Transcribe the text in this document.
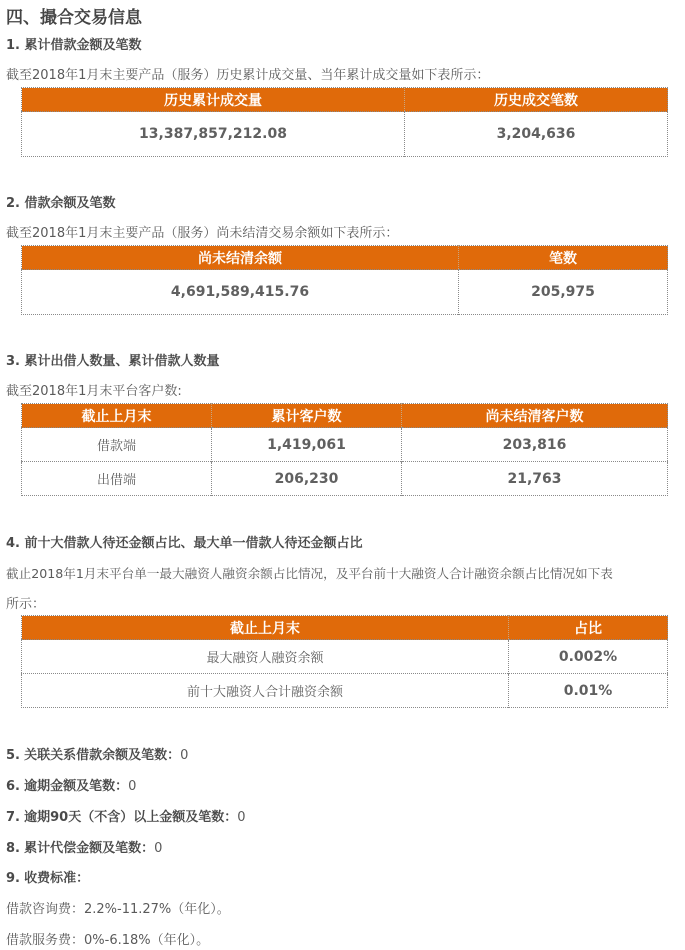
四、撮合交易信息
1. 累计借款金额及笔数
截至2018年1月末主要产品（服务）历史累计成交量、当年累计成交量如下表所示：
历史累计成交量	历史成交笔数
13,387,857,212.08	3,204,636
2. 借款余额及笔数
截至2018年1月末主要产品（服务）尚未结清交易余额如下表所示：
尚未结清余额	笔数
4,691,589,415.76	205,975
3. 累计出借人数量、累计借款人数量
截至2018年1月末平台客户数:
截止上月末	累计客户数	尚未结清客户数
借款端	1,419,061	203,816
出借端	206,230	21,763
4. 前十大借款人待还金额占比、最大单一借款人待还金额占比
截止2018年1月末平台单一最大融资人融资余额占比情况，及平台前十大融资人合计融资余额占比情况如下表
所示：
截止上月末	占比
最大融资人融资余额	0.002%
前十大融资人合计融资余额	0.01%
5. 关联关系借款余额及笔数：0
6. 逾期金额及笔数：0
7. 逾期90天（不含）以上金额及笔数：0
8. 累计代偿金额及笔数：0
9. 收费标准：
借款咨询费：2.2%-11.27%（年化）。
借款服务费：0%-6.18%（年化）。
